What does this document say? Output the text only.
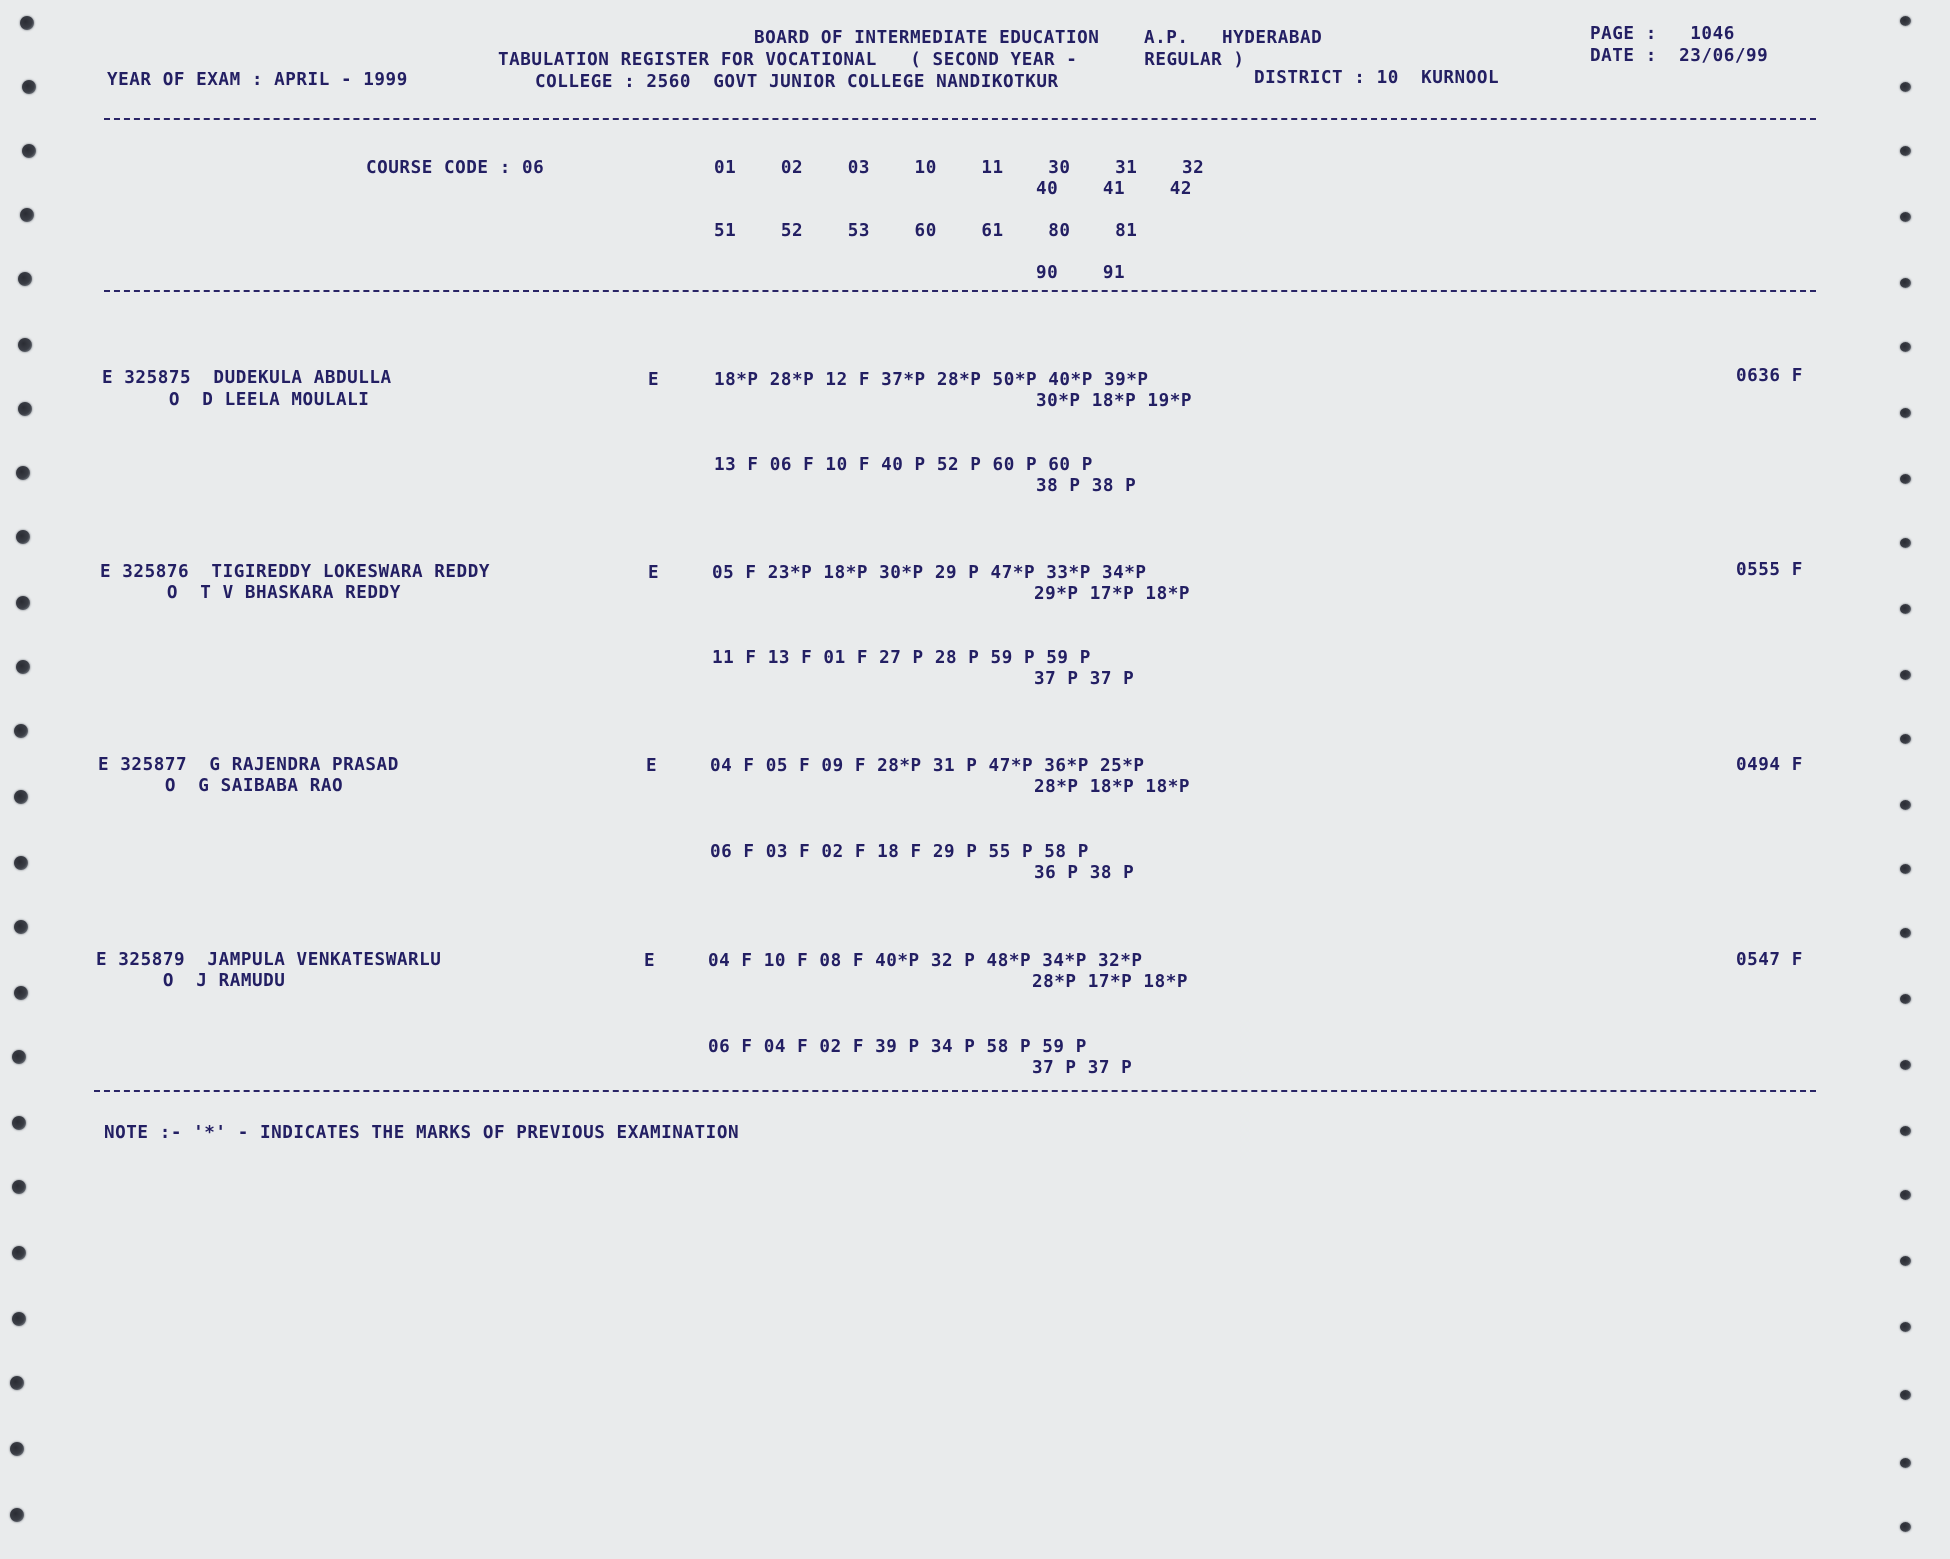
BOARD OF INTERMEDIATE EDUCATION    A.P.   HYDERABAD
TABULATION REGISTER FOR VOCATIONAL   ( SECOND YEAR -      REGULAR )
YEAR OF EXAM : APRIL - 1999	COLLEGE : 2560  GOVT JUNIOR COLLEGE NANDIKOTKUR	DISTRICT : 10  KURNOOL
PAGE :   1046
DATE :  23/06/99
COURSE CODE : 06	01    02    03    10    11    30    31    32
40    41    42
51    52    53    60    61    80    81
90    91
E 325875  DUDEKULA ABDULLA
O  D LEELA MOULALI
E	18*P 28*P 12 F 37*P 28*P 50*P 40*P 39*P
30*P 18*P 19*P
13 F 06 F 10 F 40 P 52 P 60 P 60 P
38 P 38 P
0636 F
E 325876  TIGIREDDY LOKESWARA REDDY
O  T V BHASKARA REDDY
E	05 F 23*P 18*P 30*P 29 P 47*P 33*P 34*P
29*P 17*P 18*P
11 F 13 F 01 F 27 P 28 P 59 P 59 P
37 P 37 P
0555 F
E 325877  G RAJENDRA PRASAD
O  G SAIBABA RAO
E	04 F 05 F 09 F 28*P 31 P 47*P 36*P 25*P
28*P 18*P 18*P
06 F 03 F 02 F 18 F 29 P 55 P 58 P
36 P 38 P
0494 F
E 325879  JAMPULA VENKATESWARLU
O  J RAMUDU
E	04 F 10 F 08 F 40*P 32 P 48*P 34*P 32*P
28*P 17*P 18*P
06 F 04 F 02 F 39 P 34 P 58 P 59 P
37 P 37 P
0547 F
NOTE :- '*' - INDICATES THE MARKS OF PREVIOUS EXAMINATION
